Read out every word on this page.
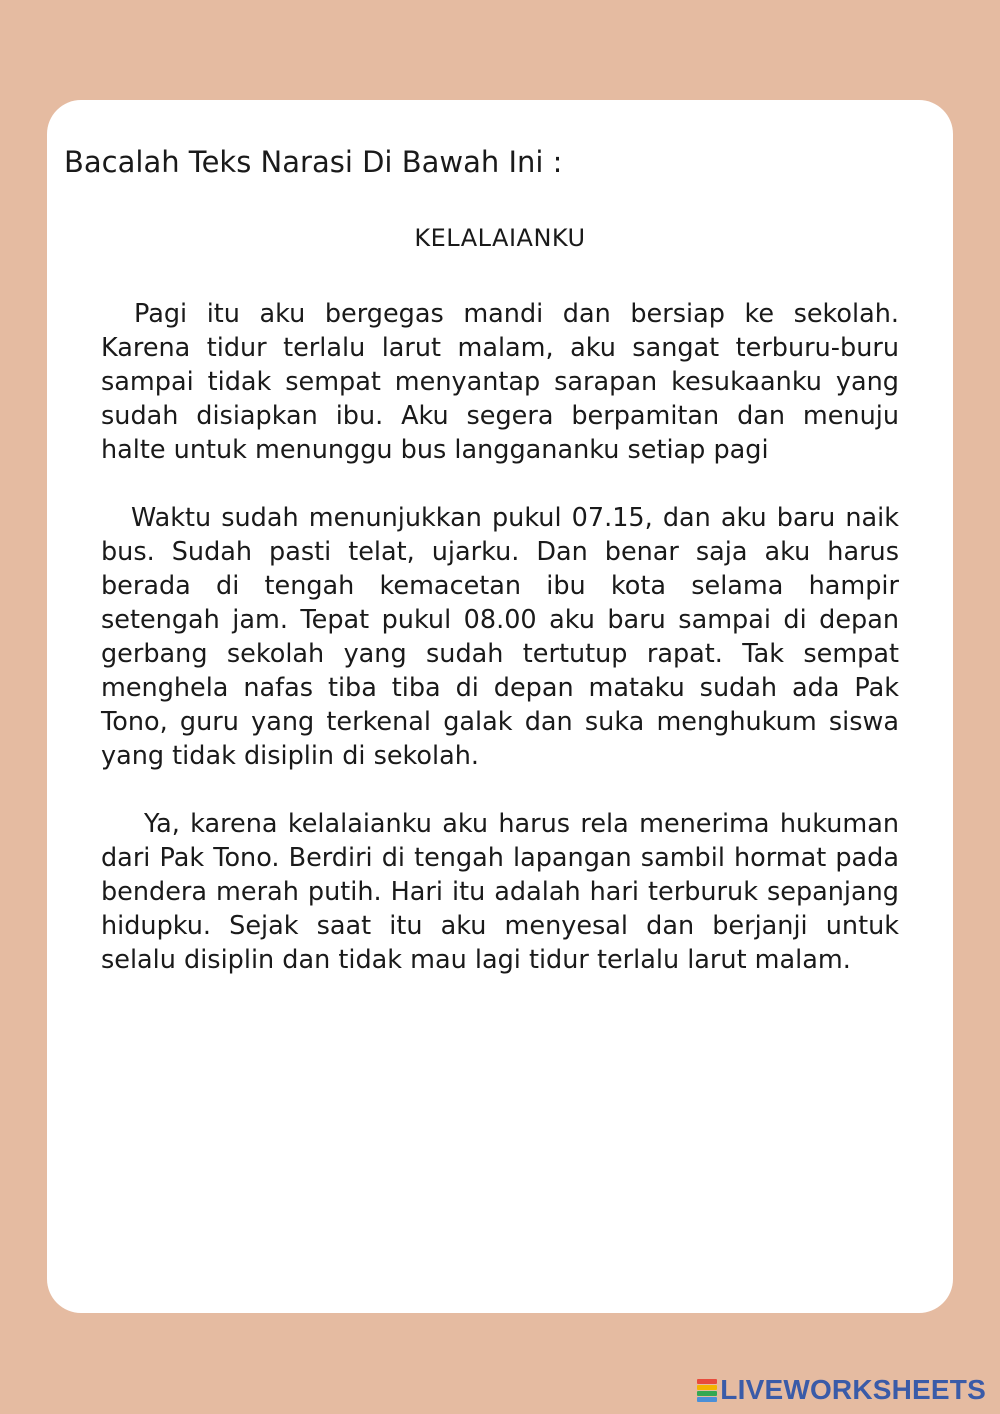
Bacalah Teks Narasi Di Bawah Ini :
KELALAIANKU

Pagi itu aku bergegas mandi dan bersiap ke sekolah. Karena tidur terlalu larut malam, aku sangat terburu-buru sampai tidak sempat menyantap sarapan kesukaanku yang sudah disiapkan ibu. Aku segera berpamitan dan menuju halte untuk menunggu bus langgananku setiap pagi

Waktu sudah menunjukkan pukul 07.15, dan aku baru naik bus. Sudah pasti telat, ujarku. Dan benar saja aku harus berada di tengah kemacetan ibu kota selama hampir setengah jam. Tepat pukul 08.00 aku baru sampai di depan gerbang sekolah yang sudah tertutup rapat. Tak sempat menghela nafas tiba tiba di depan mataku sudah ada Pak Tono, guru yang terkenal galak dan suka menghukum siswa yang tidak disiplin di sekolah.

Ya, karena kelalaianku aku harus rela menerima hukuman dari Pak Tono. Berdiri di tengah lapangan sambil hormat pada bendera merah putih. Hari itu adalah hari terburuk sepanjang hidupku. Sejak saat itu aku menyesal dan berjanji untuk selalu disiplin dan tidak mau lagi tidur terlalu larut malam.

LIVEWORKSHEETS
